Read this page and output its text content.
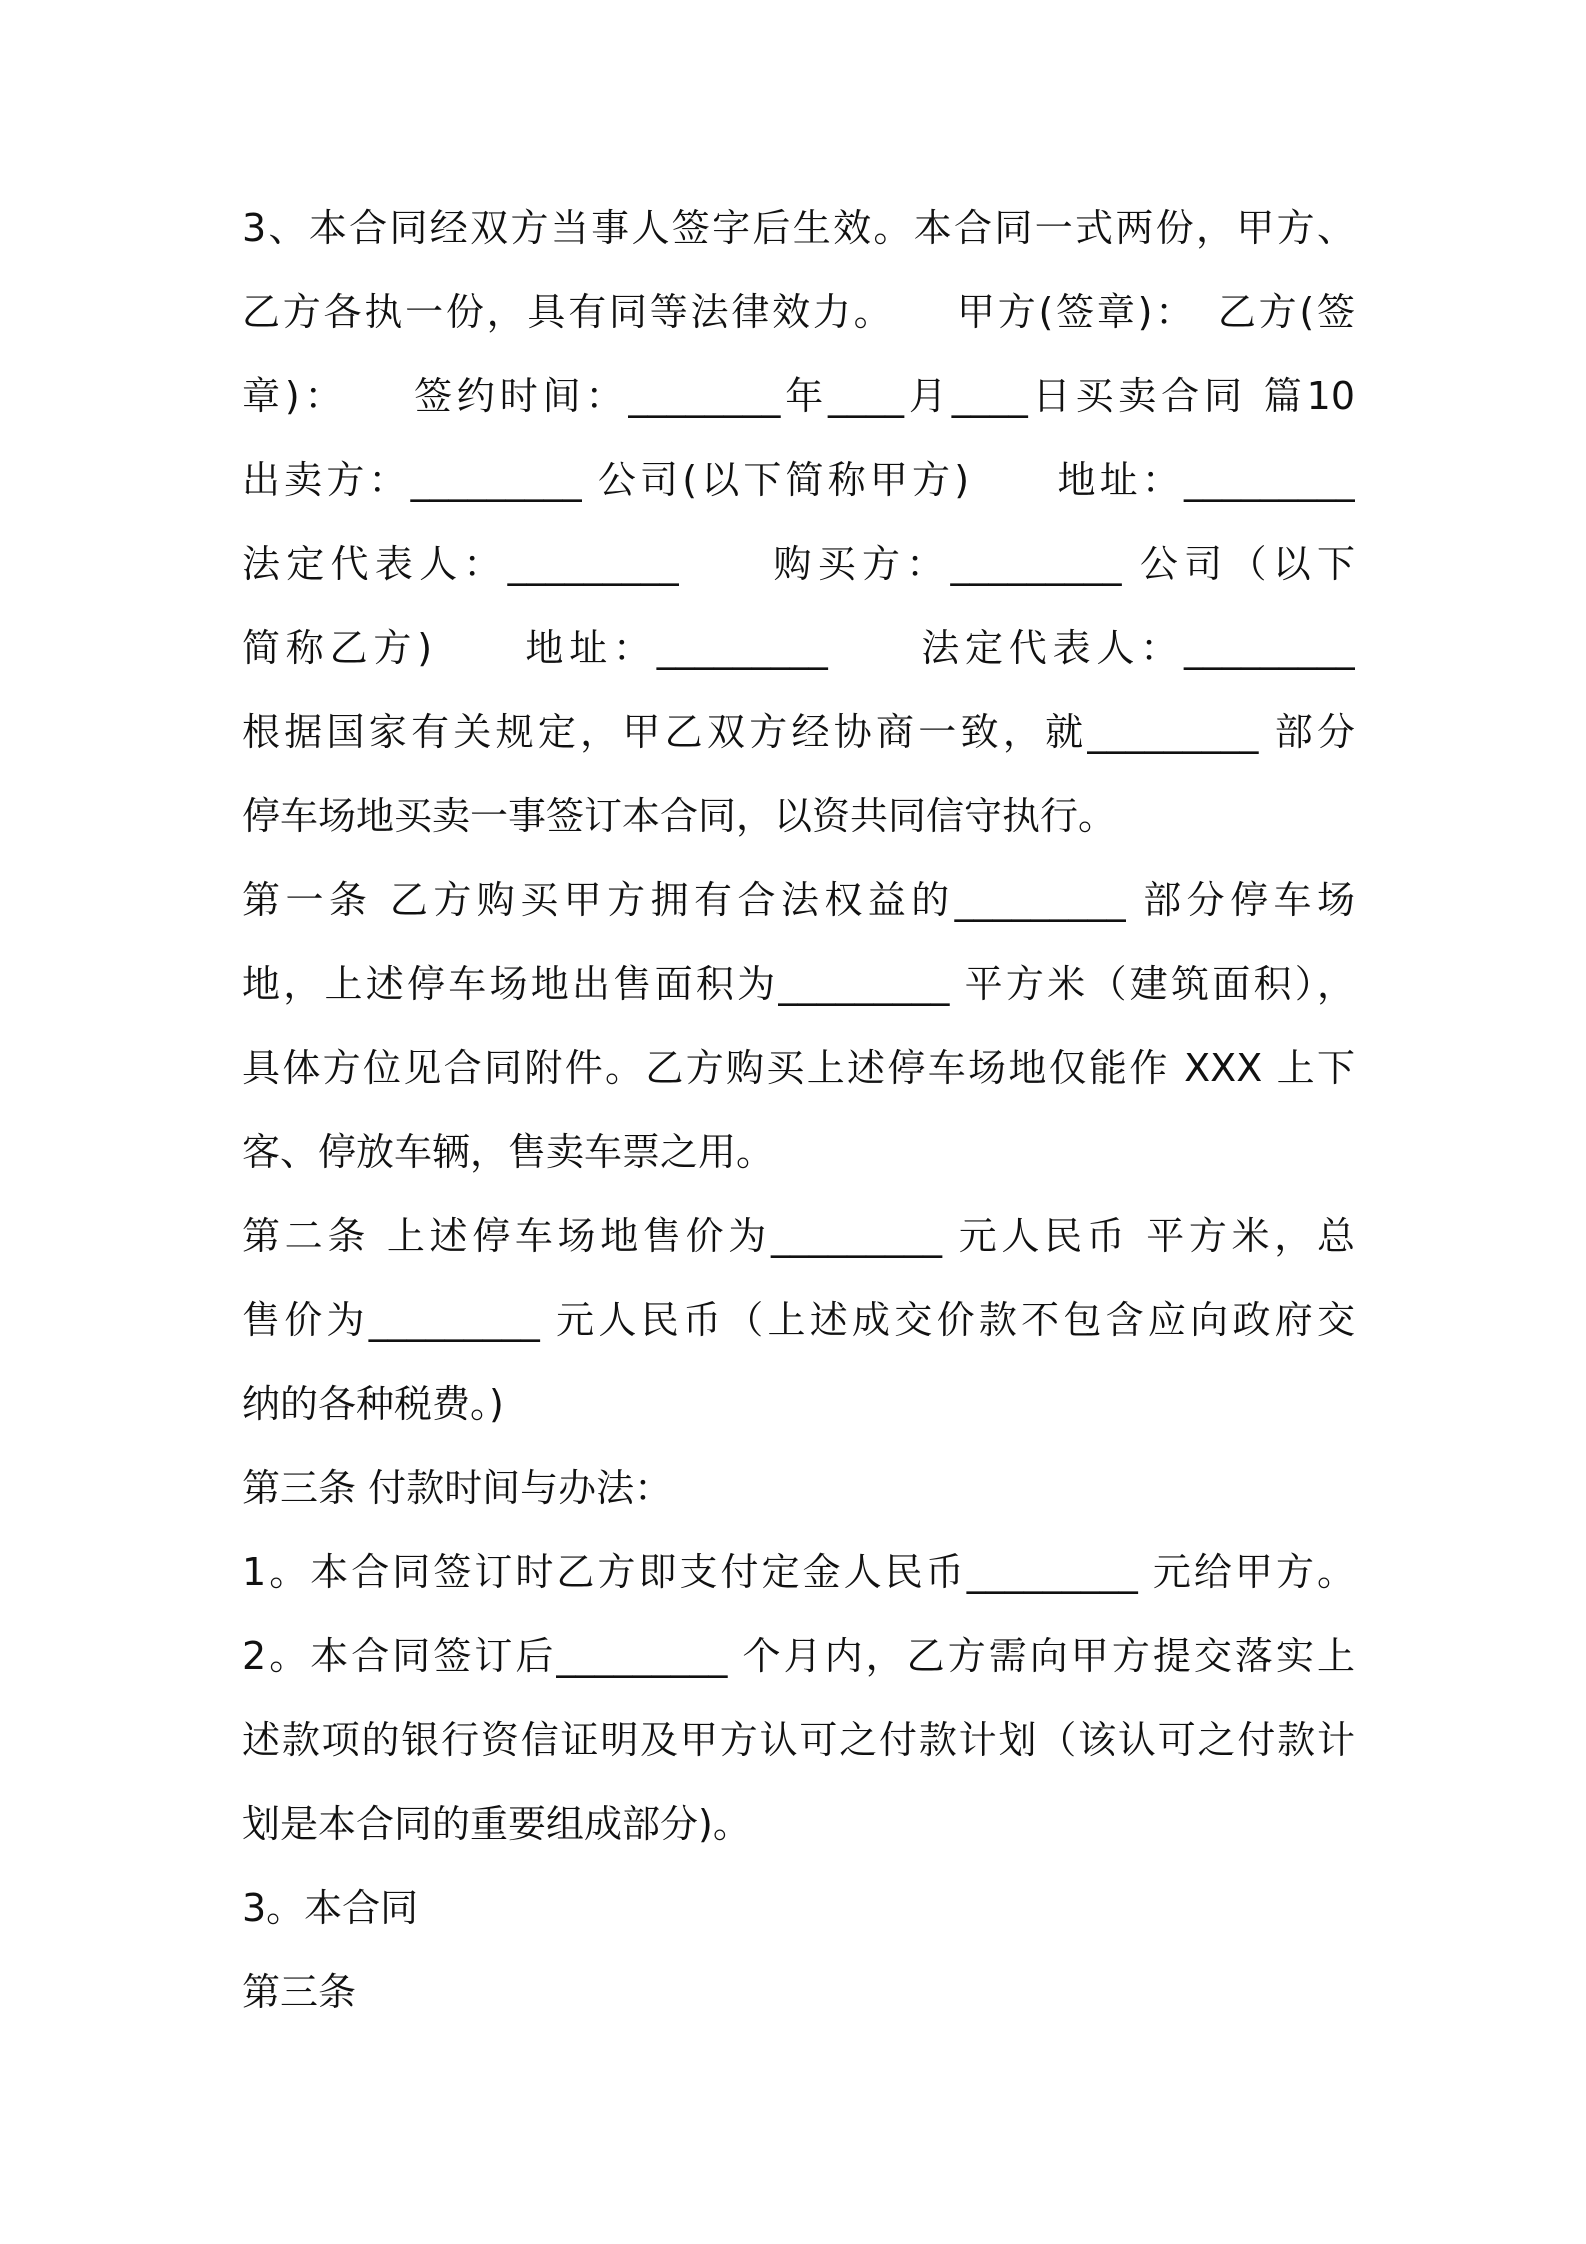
3、本合同经双方当事人签字后生效。本合同一式两份，甲方、
乙方各执一份，具有同等法律效力。　　甲方(签章)：　乙方(签
章)：　　签约时间：________年____月____日买卖合同 篇10
出卖方：_________ 公司(以下简称甲方)　　地址：_________
法定代表人：_________　　购买方：_________ 公司（以下
简称乙方)　　地址：_________　　法定代表人：_________
根据国家有关规定，甲乙双方经协商一致，就_________ 部分
停车场地买卖一事签订本合同，以资共同信守执行。
第一条 乙方购买甲方拥有合法权益的_________ 部分停车场
地，上述停车场地出售面积为_________ 平方米（建筑面积），
具体方位见合同附件。乙方购买上述停车场地仅能作 XXX 上下
客、停放车辆，售卖车票之用。
第二条 上述停车场地售价为_________ 元人民币 平方米，总
售价为_________ 元人民币（上述成交价款不包含应向政府交
纳的各种税费。)
第三条 付款时间与办法：
1。本合同签订时乙方即支付定金人民币_________ 元给甲方。
2。本合同签订后_________ 个月内，乙方需向甲方提交落实上
述款项的银行资信证明及甲方认可之付款计划（该认可之付款计
划是本合同的重要组成部分)。
3。本合同
第三条
